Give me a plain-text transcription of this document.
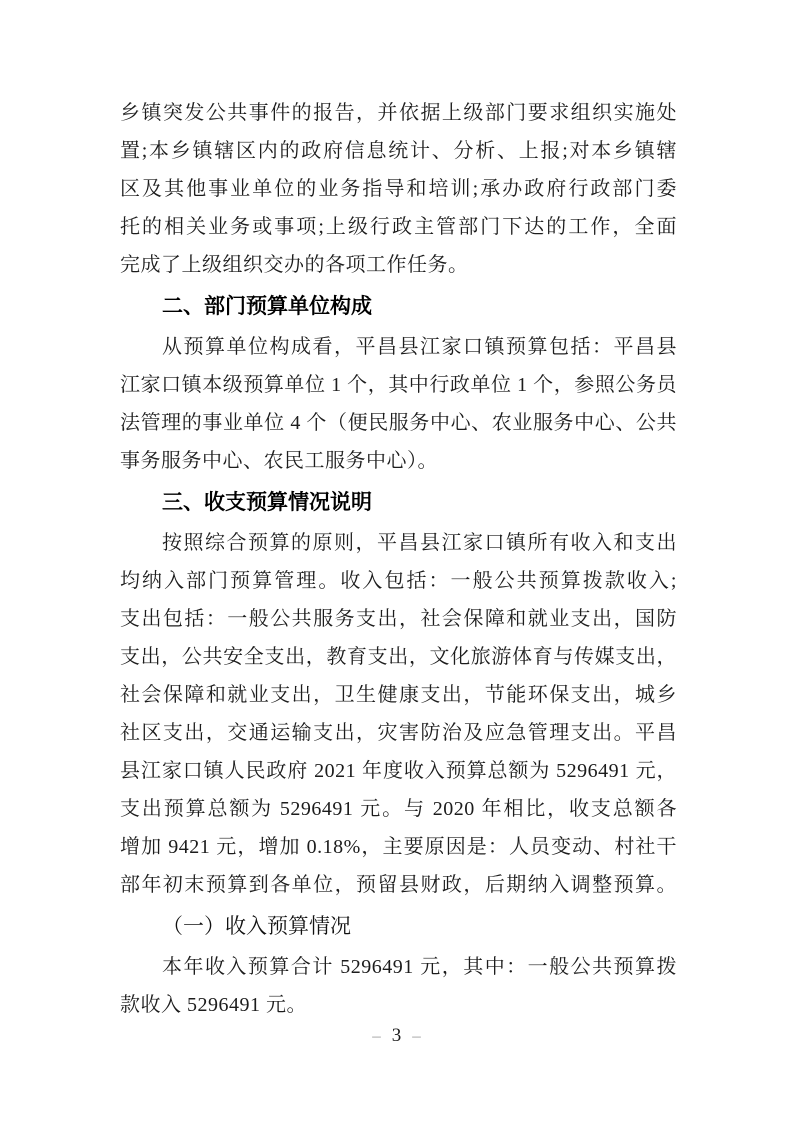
乡镇突发公共事件的报告，并依据上级部门要求组织实施处
置;本乡镇辖区内的政府信息统计、分析、上报;对本乡镇辖
区及其他事业单位的业务指导和培训;承办政府行政部门委
托的相关业务或事项;上级行政主管部门下达的工作，全面
完成了上级组织交办的各项工作任务。
二、部门预算单位构成
从预算单位构成看，平昌县江家口镇预算包括：平昌县
江家口镇本级预算单位 1 个，其中行政单位 1 个，参照公务员
法管理的事业单位 4 个（便民服务中心、农业服务中心、公共
事务服务中心、农民工服务中心）。
三、收支预算情况说明
按照综合预算的原则，平昌县江家口镇所有收入和支出
均纳入部门预算管理。收入包括：一般公共预算拨款收入;
支出包括：一般公共服务支出，社会保障和就业支出，国防
支出，公共安全支出，教育支出，文化旅游体育与传媒支出，
社会保障和就业支出，卫生健康支出，节能环保支出，城乡
社区支出，交通运输支出，灾害防治及应急管理支出。平昌
县江家口镇人民政府 2021 年度收入预算总额为 5296491 元，
支出预算总额为 5296491 元。与 2020 年相比，收支总额各
增加 9421 元，增加 0.18%，主要原因是：人员变动、村社干
部年初末预算到各单位，预留县财政，后期纳入调整预算。
（一）收入预算情况
本年收入预算合计 5296491 元，其中：一般公共预算拨
款收入 5296491 元。
– 3 –
